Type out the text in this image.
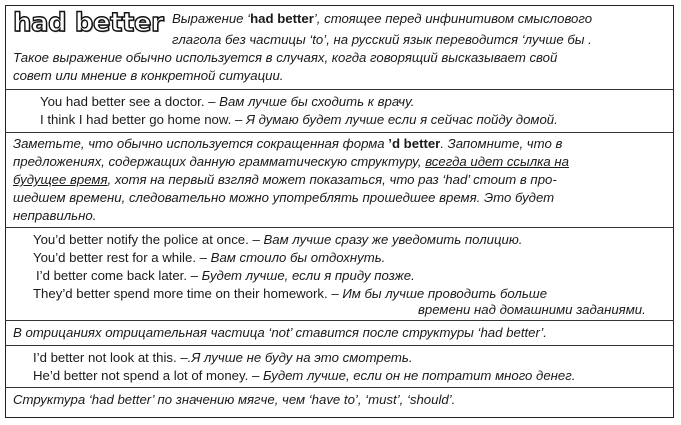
had better Выражение ‘had better’, стоящее перед инфинитивом смыслового
глагола без частицы ‘to’, на русский язык переводится ‘лучше бы .
Такое выражение обычно используется в случаях, когда говорящий высказывает свой
совет или мнение в конкретной ситуации.
You had better see a doctor. – Вам лучше бы сходить к врачу.
I think I had better go home now. – Я думаю будет лучше если я сейчас пойду домой.
Заметьте, что обычно используется сокращенная форма ’d better. Запомните, что в
предложениях, содержащих данную грамматическую структуру, всегда идет ссылка на
будущее время, хотя на первый взгляд может показаться, что раз ‘had’ стоит в про-
шедшем времени, следовательно можно употреблять прошедшее время. Это будет
неправильно.
You’d better notify the police at once. – Вам лучше сразу же уведомить полицию.
You’d better rest for a while. – Вам стоило бы отдохнуть.
I’d better come back later. – Будет лучше, если я приду позже.
They’d better spend more time on their homework. – Им бы лучше проводить больше
времени над домашними заданиями.
В отрицаниях отрицательная частица ‘not’ ставится после структуры ‘had better’.
I’d better not look at this. –.Я лучше не буду на это смотреть.
He’d better not spend a lot of money. – Будет лучше, если он не потратит много денег.
Структура ‘had better’ по значению мягче, чем ‘have to’, ‘must’, ‘should’.
